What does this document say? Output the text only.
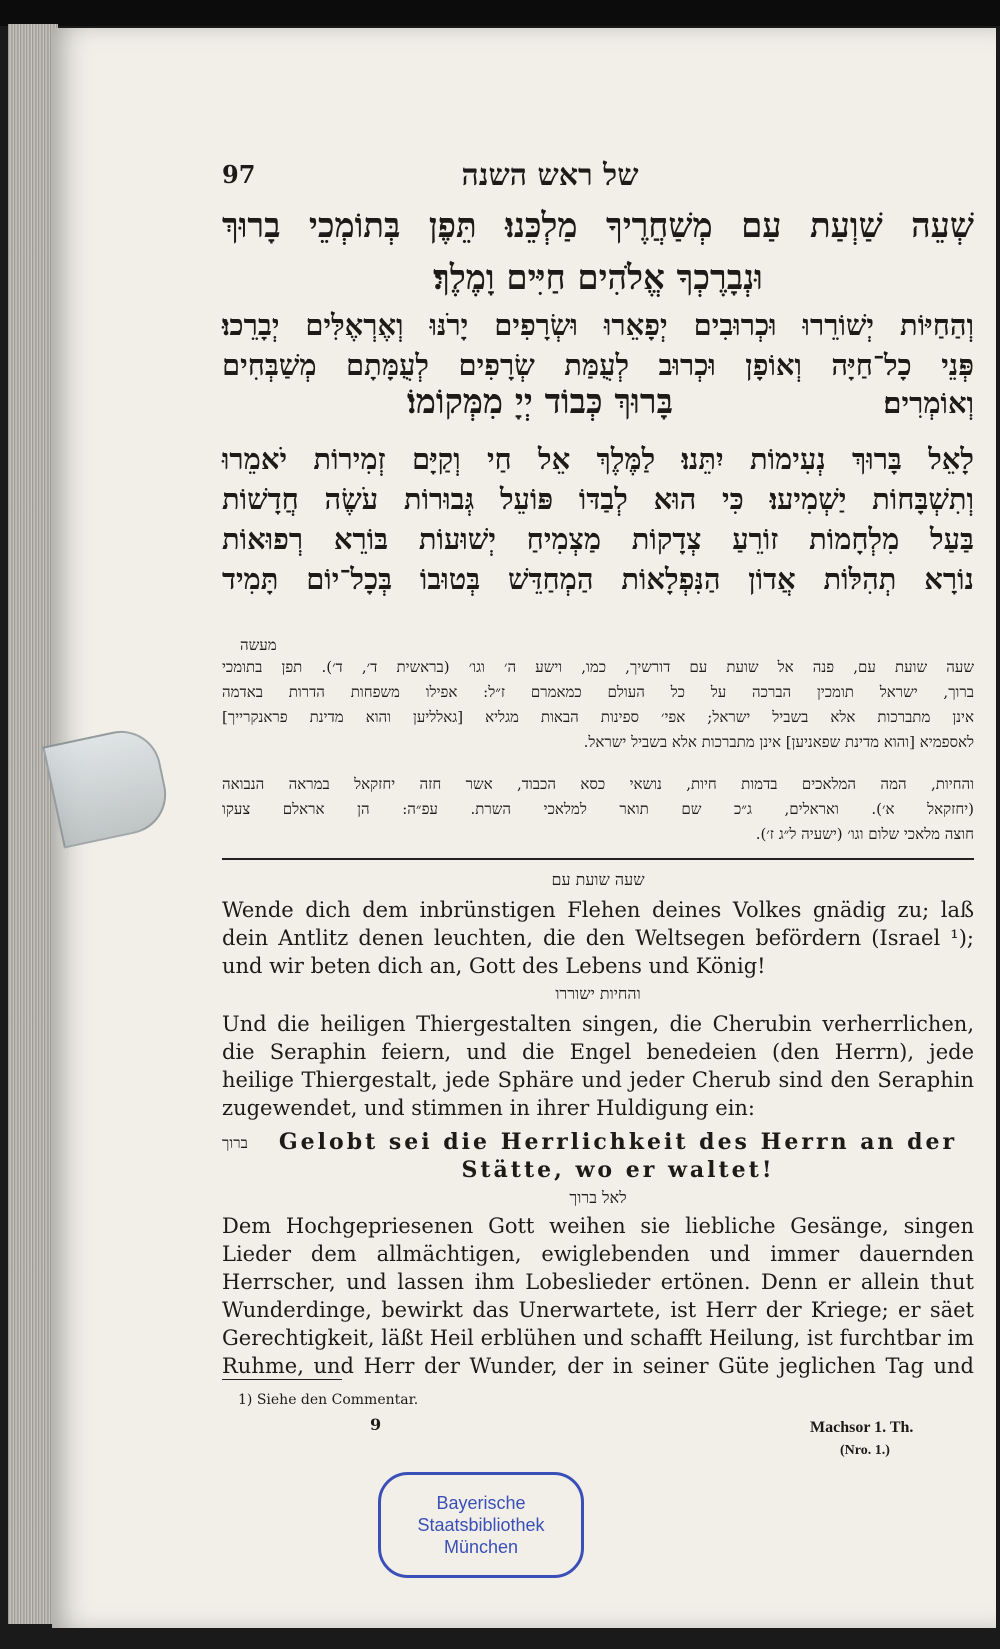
97	של ראש השנה
שְׁעֵה שַׁוְעַת עַם מְשַׁחֲרֶיךָ מַלְכֵּנוּ׃ תֵּפֶן בְּתוֹמְכֵי בָרוּךְ
וּנְבָרֶכְךָ אֱלֹהִים חַיִּים וָמֶלֶךְ׃
וְהַחַיּוֹת יְשׁוֹרֵרוּ וּכְרוּבִים יְפָאֵרוּ וּשְׂרָפִים יָרֹנּוּ וְאֶרְאֶלִּים יְבָרֵכוּ׃
פְּנֵי כָל־חַיָּה וְאוֹפָן וּכְרוּב לְעֻמַּת שְׂרָפִים לְעֻמָּתָם מְשַׁבְּחִים
וְאוֹמְרִים׃
בָּרוּךְ כְּבוֹד יְיָ מִמְּקוֹמוֹ׃
לָאֵל בָּרוּךְ נְעִימוֹת יִתֵּנוּ׃ לַמֶּלֶךְ אֵל חַי וְקַיָּם זְמִירוֹת יֹאמֵרוּ
וְתִשְׁבָּחוֹת יַשְׁמִיעוּ׃ כִּי הוּא לְבַדּוֹ פּוֹעֵל גְּבוּרוֹת עֹשֶׂה חֲדָשׁוֹת
בַּעַל מִלְחָמוֹת זוֹרֵעַ צְדָקוֹת מַצְמִיחַ יְשׁוּעוֹת בּוֹרֵא רְפוּאוֹת
נוֹרָא תְהִלּוֹת אֲדוֹן הַנִּפְלָאוֹת הַמְחַדֵּשׁ בְּטוּבוֹ בְּכָל־יוֹם תָּמִיד
מעשה
שעה שועת עם, פנה אל שועת עם דורשיך, כמו, וישע ה׳ וגו׳ (בראשית ד׳, ד׳). תפן בתומכי
ברוך, ישראל תומכין הברכה על כל העולם כמאמרם ז״ל: אפילו משפחות הדרות באדמה
אינן מתברכות אלא בשביל ישראל; אפי׳ ספינות הבאות מגליא [גאלליען והוא מדינת פראנקרייך]
לאספמיא [והוא מדינת שפאניען] אינן מתברכות אלא בשביל ישראל.
והחיות, המה המלאכים בדמות חיות, נושאי כסא הכבוד, אשר חזה יחזקאל במראה הנבואה
(יחזקאל א׳). ואראלים, ג״כ שם תואר למלאכי השרת. עפ״ה: הן אראלם צעקו
חוצה מלאכי שלום וגו׳ (ישעיה ל״ג ז׳).
שעה שועת עם
Wende dich dem inbrünstigen Flehen deines Volkes gnädig zu; laß dein Antlitz denen leuchten, die den Weltsegen befördern (Israel ¹); und wir beten dich an, Gott des Lebens und König!
והחיות ישוררו
Und die heiligen Thiergestalten singen, die Cherubin verherrlichen, die Seraphin feiern, und die Engel benedeien (den Herrn), jede heilige Thiergestalt, jede Sphäre und jeder Cherub sind den Seraphin zugewendet, und stimmen in ihrer Huldigung ein:
ברוך	Gelobt sei die Herrlichkeit des Herrn an der Stätte, wo er waltet!
לאל ברוך
Dem Hochgepriesenen Gott weihen sie liebliche Gesänge, singen Lieder dem allmächtigen, ewiglebenden und immer dauernden Herrscher, und lassen ihm Lobeslieder ertönen. Denn er allein thut Wunderdinge, bewirkt das Unerwartete, ist Herr der Kriege; er säet Gerechtigkeit, läßt Heil erblühen und schafft Heilung, ist furchtbar im Ruhme, und Herr der Wunder, der in seiner Güte jeglichen Tag und
1) Siehe den Commentar.
9	Machsor 1. Th.
(Nro. 1.)
Bayerische
Staatsbibliothek
München
